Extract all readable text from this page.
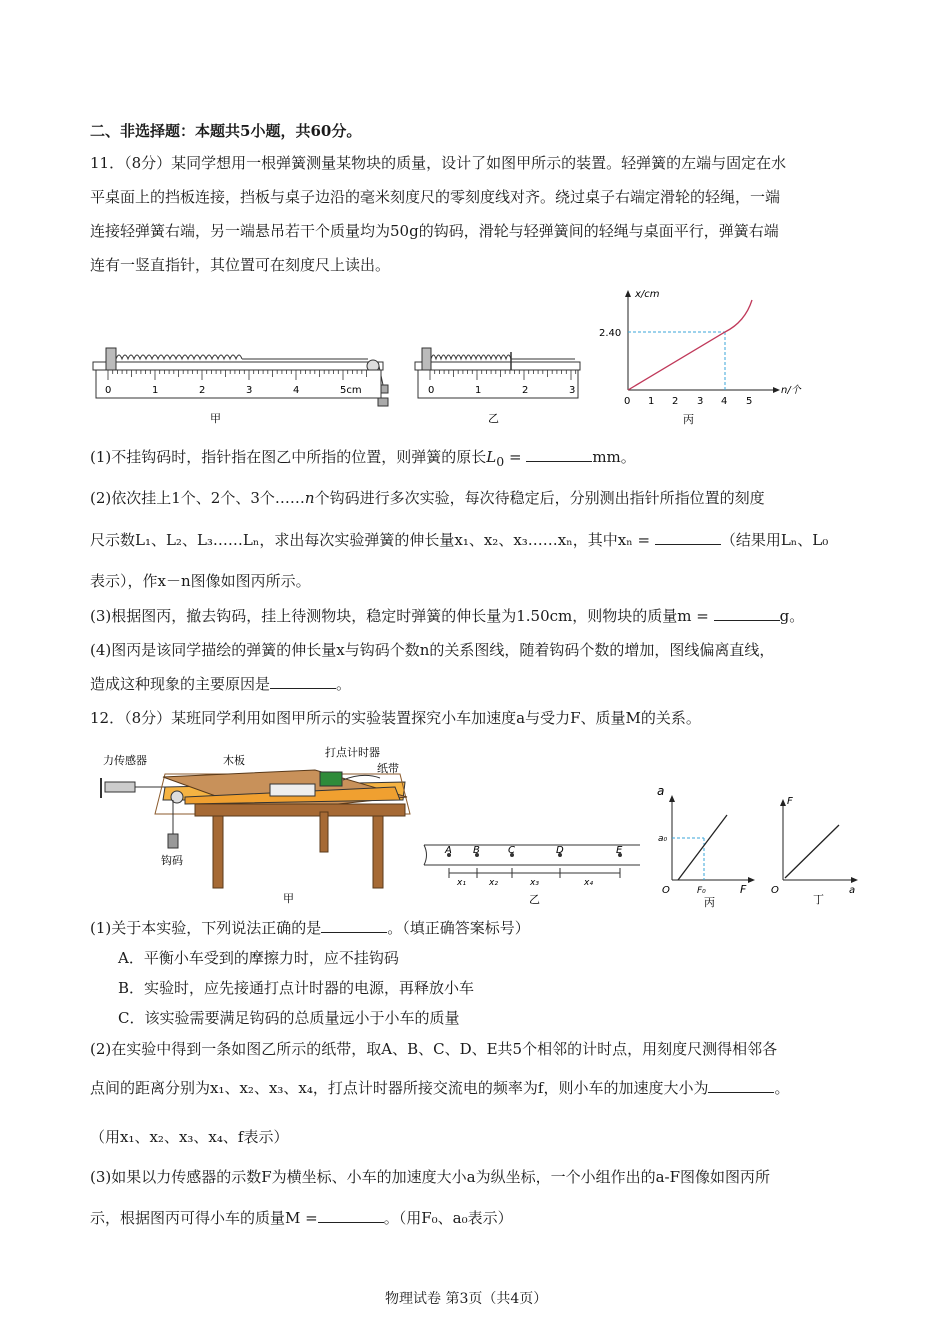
二、非选择题：本题共5小题，共60分。
11．（8分）某同学想用一根弹簧测量某物块的质量，设计了如图甲所示的装置。轻弹簧的左端与固定在水
平桌面上的挡板连接，挡板与桌子边沿的毫米刻度尺的零刻度线对齐。绕过桌子右端定滑轮的轻绳，一端
连接轻弹簧右端，另一端悬吊若干个质量均为50g的钩码，滑轮与轻弹簧间的轻绳与桌面平行，弹簧右端
连有一竖直指针，其位置可在刻度尺上读出。
0	1	2	3	4	5cm
甲
0	1	2	3
乙
x/cm
n/个
2.40
0 1 2 3 4 5
丙
(1)不挂钩码时，指针指在图乙中所指的位置，则弹簧的原长$L_0$ =	mm。
(2)依次挂上1个、2个、3个……n个钩码进行多次实验，每次待稳定后，分别测出指针所指位置的刻度
尺示数L₁、L₂、L₃……Lₙ，求出每次实验弹簧的伸长量x₁、x₂、x₃……xₙ，其中xₙ =	（结果用Lₙ、L₀
表示），作x－n图像如图丙所示。
(3)根据图丙，撤去钩码，挂上待测物块，稳定时弹簧的伸长量为1.50cm，则物块的质量m =	g。
(4)图丙是该同学描绘的弹簧的伸长量x与钩码个数n的关系图线，随着钩码个数的增加，图线偏离直线，
造成这种现象的主要原因是	。
12．（8分）某班同学利用如图甲所示的实验装置探究小车加速度a与受力F、质量M的关系。
力传感器	木板
打点计时器
纸带
钩码
甲
A B	C	D	E
x₁	x₂	x₃	x₄
乙
a
F
O
a₀
F₀
丙
F
a
O
丁
(1)关于本实验，下列说法正确的是	。（填正确答案标号）
A．平衡小车受到的摩擦力时，应不挂钩码
B．实验时，应先接通打点计时器的电源，再释放小车
C．该实验需要满足钩码的总质量远小于小车的质量
(2)在实验中得到一条如图乙所示的纸带，取A、B、C、D、E共5个相邻的计时点，用刻度尺测得相邻各
点间的距离分别为x₁、x₂、x₃、x₄，打点计时器所接交流电的频率为f，则小车的加速度大小为	。
（用x₁、x₂、x₃、x₄、f表示）
(3)如果以力传感器的示数F为横坐标、小车的加速度大小a为纵坐标，一个小组作出的a-F图像如图丙所
示，根据图丙可得小车的质量M =	。（用F₀、a₀表示）
物理试卷 第3页（共4页）
